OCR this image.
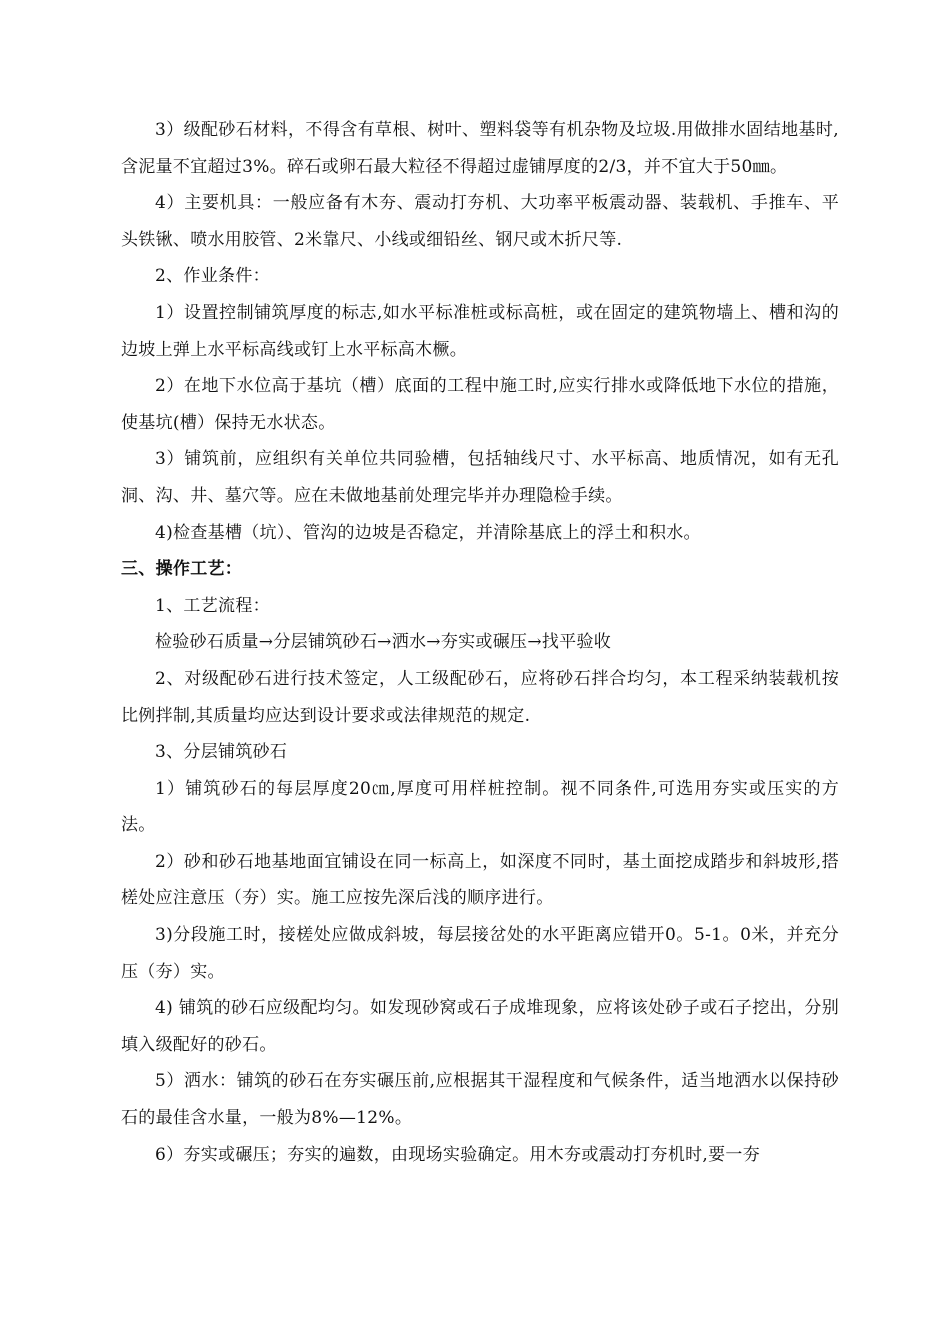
3）级配砂石材料，不得含有草根、树叶、塑料袋等有机杂物及垃圾.用做排水固结地基时,含泥量不宜超过3%。碎石或卵石最大粒径不得超过虚铺厚度的2/3，并不宜大于50㎜。

4）主要机具：一般应备有木夯、震动打夯机、大功率平板震动器、装载机、手推车、平头铁锹、喷水用胶管、2米靠尺、小线或细铅丝、钢尺或木折尺等.

2、作业条件：

1）设置控制铺筑厚度的标志,如水平标准桩或标高桩，或在固定的建筑物墙上、槽和沟的边坡上弹上水平标高线或钉上水平标高木橛。

2）在地下水位高于基坑（槽）底面的工程中施工时,应实行排水或降低地下水位的措施，使基坑(槽）保持无水状态。

3）铺筑前，应组织有关单位共同验槽，包括轴线尺寸、水平标高、地质情况，如有无孔洞、沟、井、墓穴等。应在未做地基前处理完毕并办理隐检手续。

4)检查基槽（坑）、管沟的边坡是否稳定，并清除基底上的浮土和积水。

三、操作工艺：

1、工艺流程：

检验砂石质量→分层铺筑砂石→洒水→夯实或碾压→找平验收

2、对级配砂石进行技术签定，人工级配砂石，应将砂石拌合均匀，本工程采纳装载机按比例拌制,其质量均应达到设计要求或法律规范的规定.

3、分层铺筑砂石

1）铺筑砂石的每层厚度20㎝,厚度可用样桩控制。视不同条件,可选用夯实或压实的方法。

2）砂和砂石地基地面宜铺设在同一标高上，如深度不同时，基土面挖成踏步和斜坡形,搭槎处应注意压（夯）实。施工应按先深后浅的顺序进行。

3)分段施工时，接槎处应做成斜坡，每层接岔处的水平距离应错开0。5-1。0米，并充分压（夯）实。

4) 铺筑的砂石应级配均匀。如发现砂窝或石子成堆现象，应将该处砂子或石子挖出，分别填入级配好的砂石。

5）洒水：铺筑的砂石在夯实碾压前,应根据其干湿程度和气候条件，适当地洒水以保持砂石的最佳含水量，一般为8%—12%。

6）夯实或碾压；夯实的遍数，由现场实验确定。用木夯或震动打夯机时,要一夯
